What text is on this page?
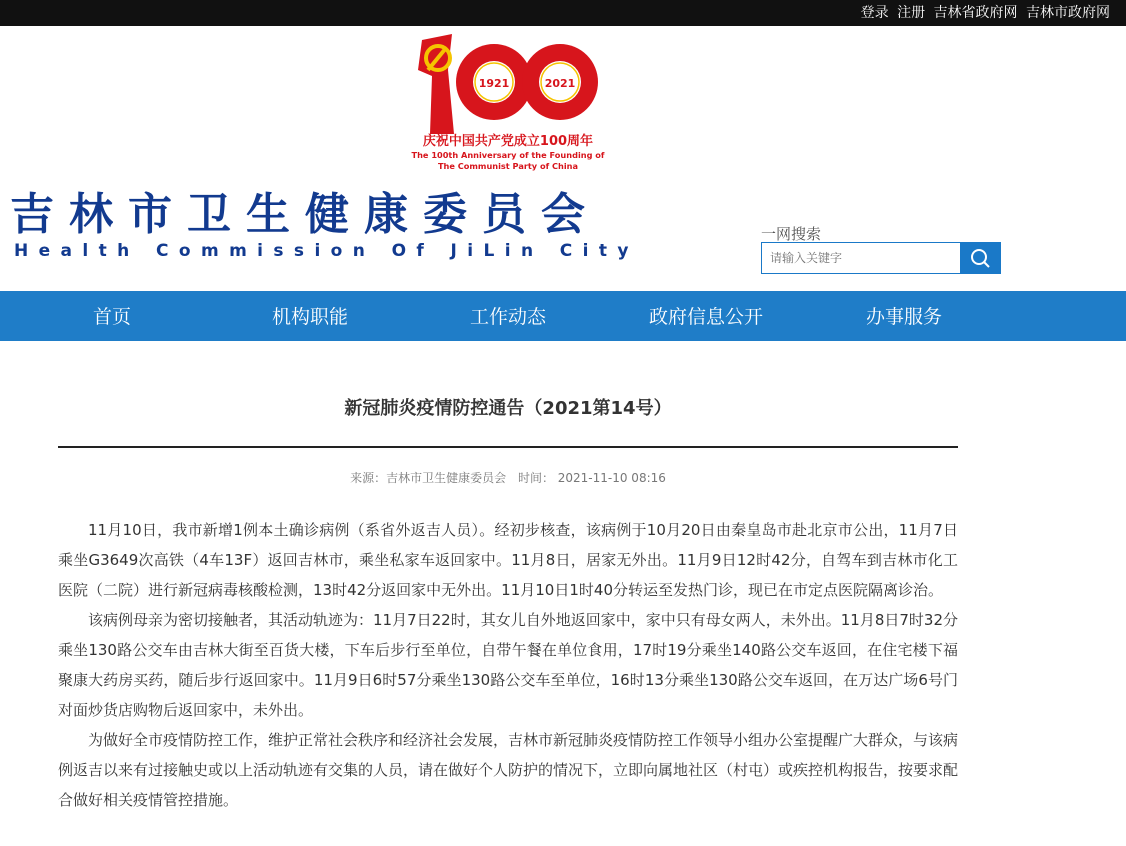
登录 注册 吉林省政府网 吉林市政府网
1921	2021
庆祝中国共产党成立100周年
The 100th Anniversary of the Founding of
The Communist Party of China
吉林市卫生健康委员会
Health Commission Of JiLin City
一网搜索
请输入关键字
首页	机构职能	工作动态	政府信息公开	办事服务
新冠肺炎疫情防控通告（2021第14号）
来源：吉林市卫生健康委员会 时间： 2021-11-10 08:16

11月10日，我市新增1例本土确诊病例（系省外返吉人员）。经初步核查，该病例于10月20日由秦皇岛市赴北京市公出，11月7日乘坐G3649次高铁（4车13F）返回吉林市，乘坐私家车返回家中。11月8日，居家无外出。11月9日12时42分，自驾车到吉林市化工医院（二院）进行新冠病毒核酸检测，13时42分返回家中无外出。11月10日1时40分转运至发热门诊，现已在市定点医院隔离诊治。

该病例母亲为密切接触者，其活动轨迹为：11月7日22时，其女儿自外地返回家中，家中只有母女两人，未外出。11月8日7时32分乘坐130路公交车由吉林大街至百货大楼，下车后步行至单位，自带午餐在单位食用，17时19分乘坐140路公交车返回，在住宅楼下福聚康大药房买药，随后步行返回家中。11月9日6时57分乘坐130路公交车至单位，16时13分乘坐130路公交车返回，在万达广场6号门对面炒货店购物后返回家中，未外出。

为做好全市疫情防控工作，维护正常社会秩序和经济社会发展，吉林市新冠肺炎疫情防控工作领导小组办公室提醒广大群众，与该病例返吉以来有过接触史或以上活动轨迹有交集的人员，请在做好个人防护的情况下，立即向属地社区（村屯）或疾控机构报告，按要求配合做好相关疫情管控措施。
